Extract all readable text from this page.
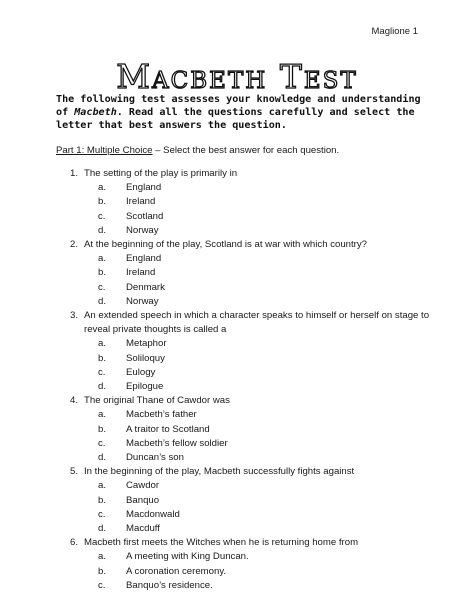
Maglione 1
Macbeth Test

The following test assesses your knowledge and understanding of Macbeth. Read all the questions carefully and select the letter that best answers the question.

Part 1: Multiple Choice – Select the best answer for each question.
1. The setting of the play is primarily in
a. England
b. Ireland
c. Scotland
d. Norway
2. At the beginning of the play, Scotland is at war with which country?
a. England
b. Ireland
c. Denmark
d. Norway
3. An extended speech in which a character speaks to himself or herself on stage to reveal private thoughts is called a
a. Metaphor
b. Soliloquy
c. Eulogy
d. Epilogue
4. The original Thane of Cawdor was
a. Macbeth’s father
b. A traitor to Scotland
c. Macbeth’s fellow soldier
d. Duncan’s son
5. In the beginning of the play, Macbeth successfully fights against
a. Cawdor
b. Banquo
c. Macdonwald
d. Macduff
6. Macbeth first meets the Witches when he is returning home from
a. A meeting with King Duncan.
b. A coronation ceremony.
c. Banquo’s residence.
